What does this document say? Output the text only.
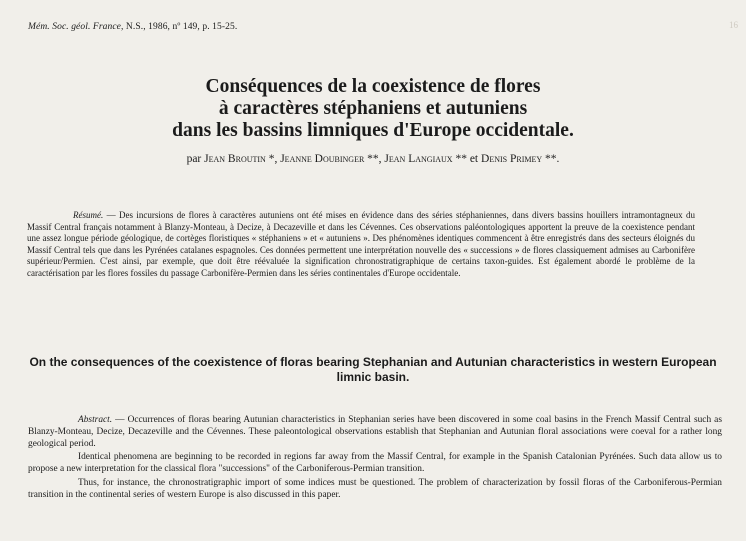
16
Mém. Soc. géol. France, N.S., 1986, nº 149, p. 15-25.
Conséquences de la coexistence de flores
à caractères stéphaniens et autuniens
dans les bassins limniques d'Europe occidentale.
par Jean Broutin *, Jeanne Doubinger **, Jean Langiaux ** et Denis Primey **.
Résumé. — Des incursions de flores à caractères autuniens ont été mises en évidence dans des séries stéphaniennes, dans divers bassins houillers intramontagneux du Massif Central français notamment à Blanzy-Monteau, à Decize, à Decazeville et dans les Cévennes. Ces observations paléontologiques apportent la preuve de la coexistence pendant une assez longue période géologique, de cortèges floristiques « stéphaniens » et « autuniens ». Des phénomènes identiques commencent à être enregistrés dans des secteurs éloignés du Massif Central tels que dans les Pyrénées catalanes espagnoles. Ces données permettent une interprétation nouvelle des « successions » de flores classiquement admises au Carbonifère supérieur/Permien. C'est ainsi, par exemple, que doit être réévaluée la signification chronostratigraphique de certains taxon-guides. Est également abordé le problème de la caractérisation par les flores fossiles du passage Carbonifère-Permien dans les séries continentales d'Europe occidentale.
On the consequences of the coexistence of floras bearing Stephanian and Autunian characteristics in western European limnic basin.

Abstract. — Occurrences of floras bearing Autunian characteristics in Stephanian series have been discovered in some coal basins in the French Massif Central such as Blanzy-Monteau, Decize, Decazeville and the Cévennes. These paleontological observations establish that Stephanian and Autunian floral associations were coeval for a rather long geological period.

Identical phenomena are beginning to be recorded in regions far away from the Massif Central, for example in the Spanish Catalonian Pyrénées. Such data allow us to propose a new interpretation for the classical flora "successions" of the Carboniferous-Permian transition.

Thus, for instance, the chronostratigraphic import of some indices must be questioned. The problem of characterization by fossil floras of the Carboniferous-Permian transition in the continental series of western Europe is also discussed in this paper.
